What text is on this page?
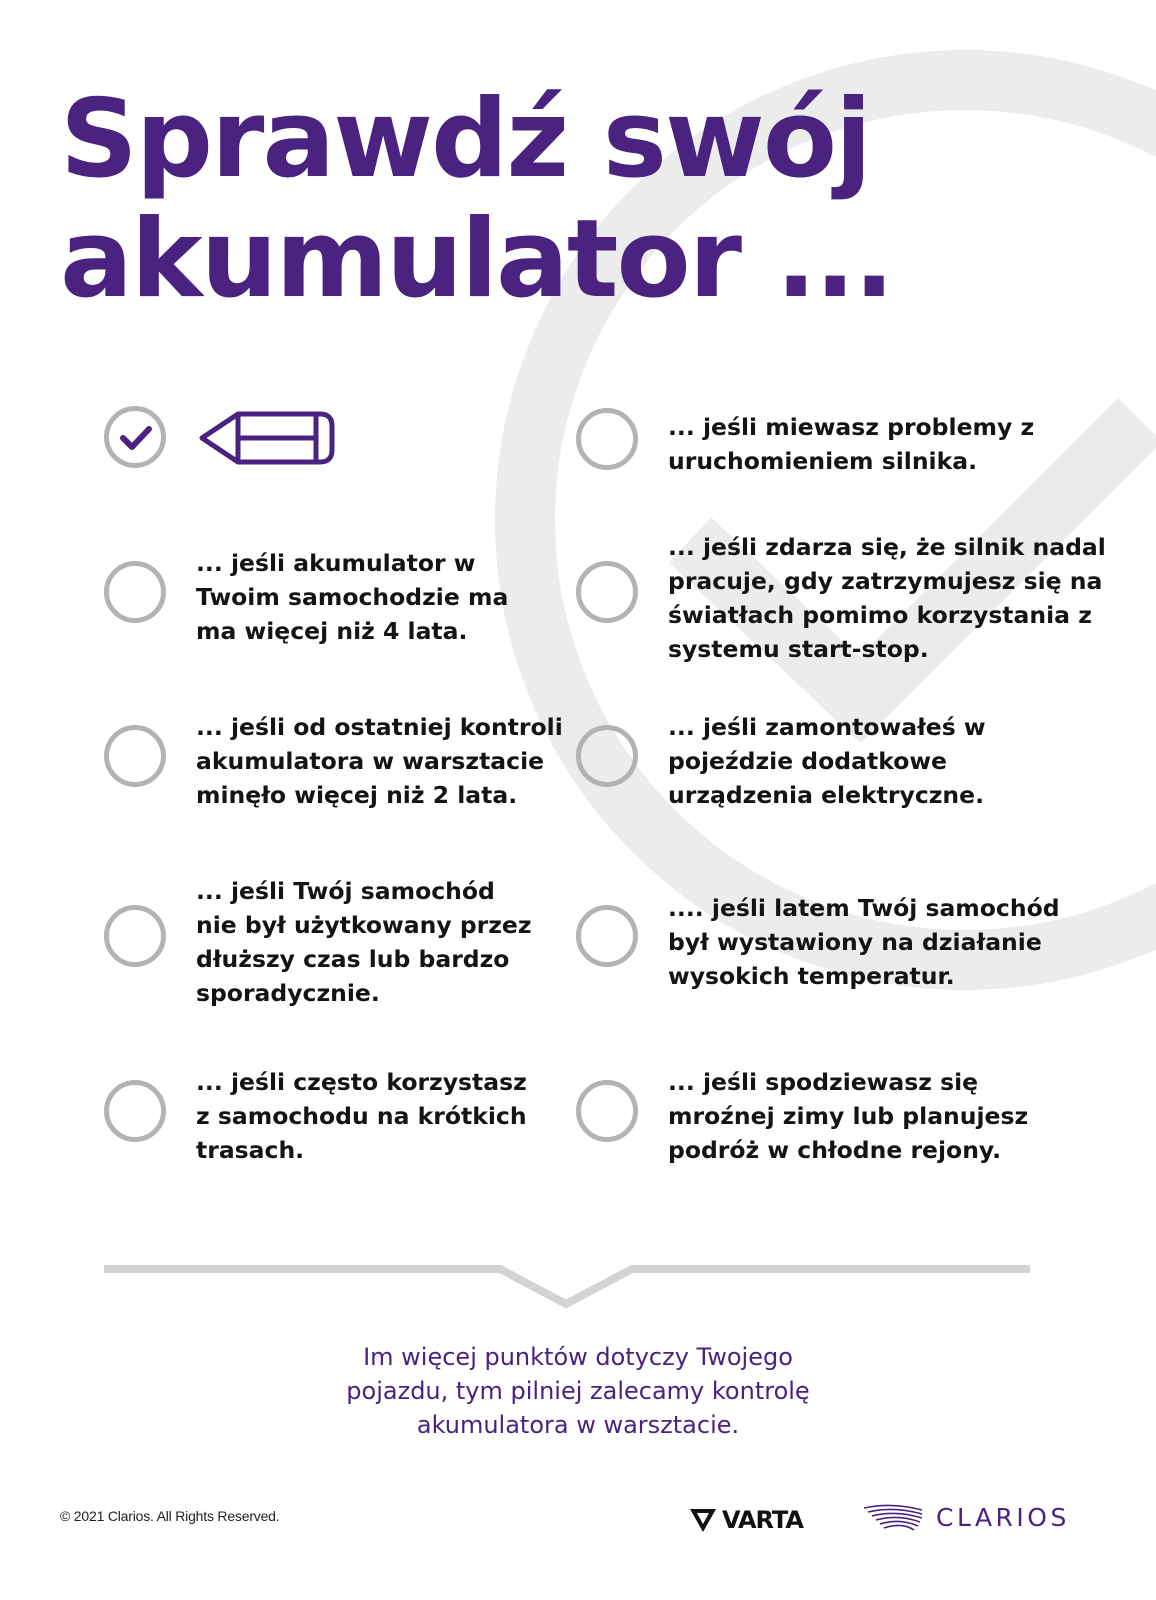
Sprawdź swój
akumulator ...

... jeśli miewasz problemy z
uruchomieniem silnika.

... jeśli akumulator w
Twoim samochodzie ma
ma więcej niż 4 lata.

... jeśli zdarza się, że silnik nadal
pracuje, gdy zatrzymujesz się na
światłach pomimo korzystania z
systemu start-stop.

... jeśli od ostatniej kontroli
akumulatora w warsztacie
minęło więcej niż 2 lata.

... jeśli zamontowałeś w
pojeździe dodatkowe
urządzenia elektryczne.

... jeśli Twój samochód
nie był użytkowany przez
dłuższy czas lub bardzo
sporadycznie.

.... jeśli latem Twój samochód
był wystawiony na działanie
wysokich temperatur.

... jeśli często korzystasz
z samochodu na krótkich
trasach.

... jeśli spodziewasz się
mroźnej zimy lub planujesz
podróż w chłodne rejony.

Im więcej punktów dotyczy Twojego
pojazdu, tym pilniej zalecamy kontrolę
akumulatora w warsztacie.

© 2021 Clarios. All Rights Reserved.	VARTA	CLARIOS
